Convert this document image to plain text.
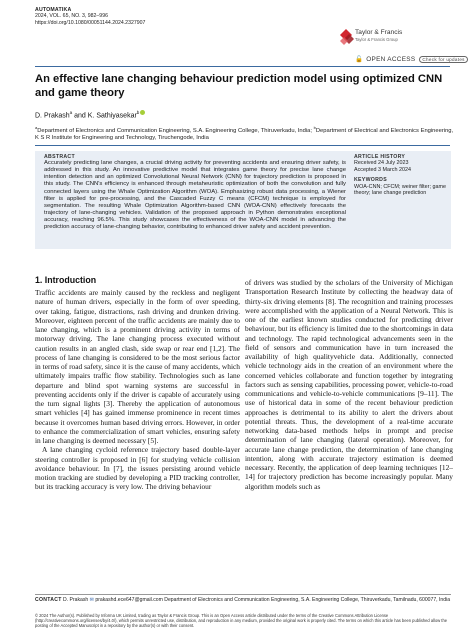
AUTOMATIKA
2024, VOL. 65, NO. 3, 982–996
https://doi.org/10.1080/00051144.2024.2327907
Taylor & Francis
Taylor & Francis Group
🔓 OPEN ACCESS Check for updates
An effective lane changing behaviour prediction model using optimized CNN and game theory
D. Prakash$^a$ and K. Sathiyasekar$^b$
$^a$Department of Electronics and Communication Engineering, S.A. Engineering College, Thiruverkadu, India; $^b$Department of Electrical and Electronics Engineering, K S R Institute for Engineering and Technology, Tiruchengode, India
ABSTRACT
Accurately predicting lane changes, a crucial driving activity for preventing accidents and ensuring driver safety, is addressed in this study. An innovative predictive model that integrates game theory for precise lane change intention detection and an optimized Convolutional Neural Network (CNN) for trajectory prediction is proposed in this study. The CNN's efficiency is enhanced through metaheuristic optimization of both the convolution and fully connected layers using the Whale Optimization Algorithm (WOA). Emphasizing robust data processing, a Wiener filter is applied for pre-processing, and the Cascaded Fuzzy C means (CFCM) technique is employed for segmentation. The resulting Whale Optimization Algorithm-based CNN (WOA-CNN) effectively forecasts the trajectory of lane-changing vehicles. Validation of the proposed approach in Python demonstrates exceptional accuracy, reaching 96.5%. This study showcases the effectiveness of the WOA-CNN model in advancing the prediction accuracy of lane-changing behavior, contributing to enhanced driver safety and accident prevention.
ARTICLE HISTORY
Received 24 July 2023
Accepted 3 March 2024
KEYWORDS
WOA-CNN; CFCM; weiner filter; game theory; lane change prediction
1. Introduction

Traffic accidents are mainly caused by the reckless and negligent nature of human drivers, especially in the form of over speeding, over taking, fatigue, distractions, rash driving and drunken driving. Moreover, eighteen percent of the traffic accidents are mainly due to lane changing, which is a prominent driving activity in terms of motorway driving. The lane changing process executed without caution results in an angled clash, side swap or rear end [1,2]. The process of lane changing is considered to be the most serious factor in terms of road safety, since it is the cause of many accidents, which ultimately impairs traffic flow stability. Technologies such as lane departure and blind spot warning systems are successful in preventing accidents only if the driver is capable of accurately using the turn signal lights [3]. Thereby the application of autonomous smart vehicles [4] has gained immense prominence in recent times because it overcomes human based driving errors. However, in order to enhance the commercialization of smart vehicles, ensuring safety in lane changing is deemed necessary [5].

A lane changing cycloid reference trajectory based double-layer steering controller is proposed in [6] for studying vehicle collision avoidance behaviour. In [7], the issues persisting around vehicle motion tracking are studied by developing a PID tracking controller, but its tracking accuracy is very low. The driving behaviour

of drivers was studied by the scholars of the University of Michigan Transportation Research Institute by collecting the headway data of thirty-six driving elements [8]. The recognition and training processes were accomplished with the application of a Neural Network. This is one of the earliest known studies conducted for predicting driver behaviour, but its efficiency is limited due to the shortcomings in data and technology. The rapid technological advancements seen in the field of sensors and communication have in turn increased the availability of high qualityvehicle data. Additionally, connected vehicle technology aids in the creation of an environment where the concerned vehicles collaborate and function together by integrating factors such as sensing capabilities, processing power, vehicle-to-road communications and vehicle-to-vehicle communications [9–11]. The use of historical data in some of the recent behaviour prediction approaches is detrimental to its ability to alert the drivers about potential threats. Thus, the development of a real-time accurate networking data-based methods helps in prompt and precise determination of lane changing (lateral operation). Moreover, for accurate lane change prediction, the determination of lane changing intention, along with accurate trajectory estimation is deemed necessary. Recently, the application of deep learning techniques [12–14] for trajectory prediction has become increasingly popular. Many algorithm models such as
CONTACT D. Prakash ✉ prakashd.ece647@gmail.com Department of Electronics and Communication Engineering, S.A. Engineering College, Thiruverkadu, Tamilnadu, 600077, India
© 2024 The Author(s). Published by Informa UK Limited, trading as Taylor & Francis Group. This is an Open Access article distributed under the terms of the Creative Commons Attribution License (http://creativecommons.org/licenses/by/4.0/), which permits unrestricted use, distribution, and reproduction in any medium, provided the original work is properly cited. The terms on which this article has been published allow the posting of the Accepted Manuscript in a repository by the author(s) or with their consent.
